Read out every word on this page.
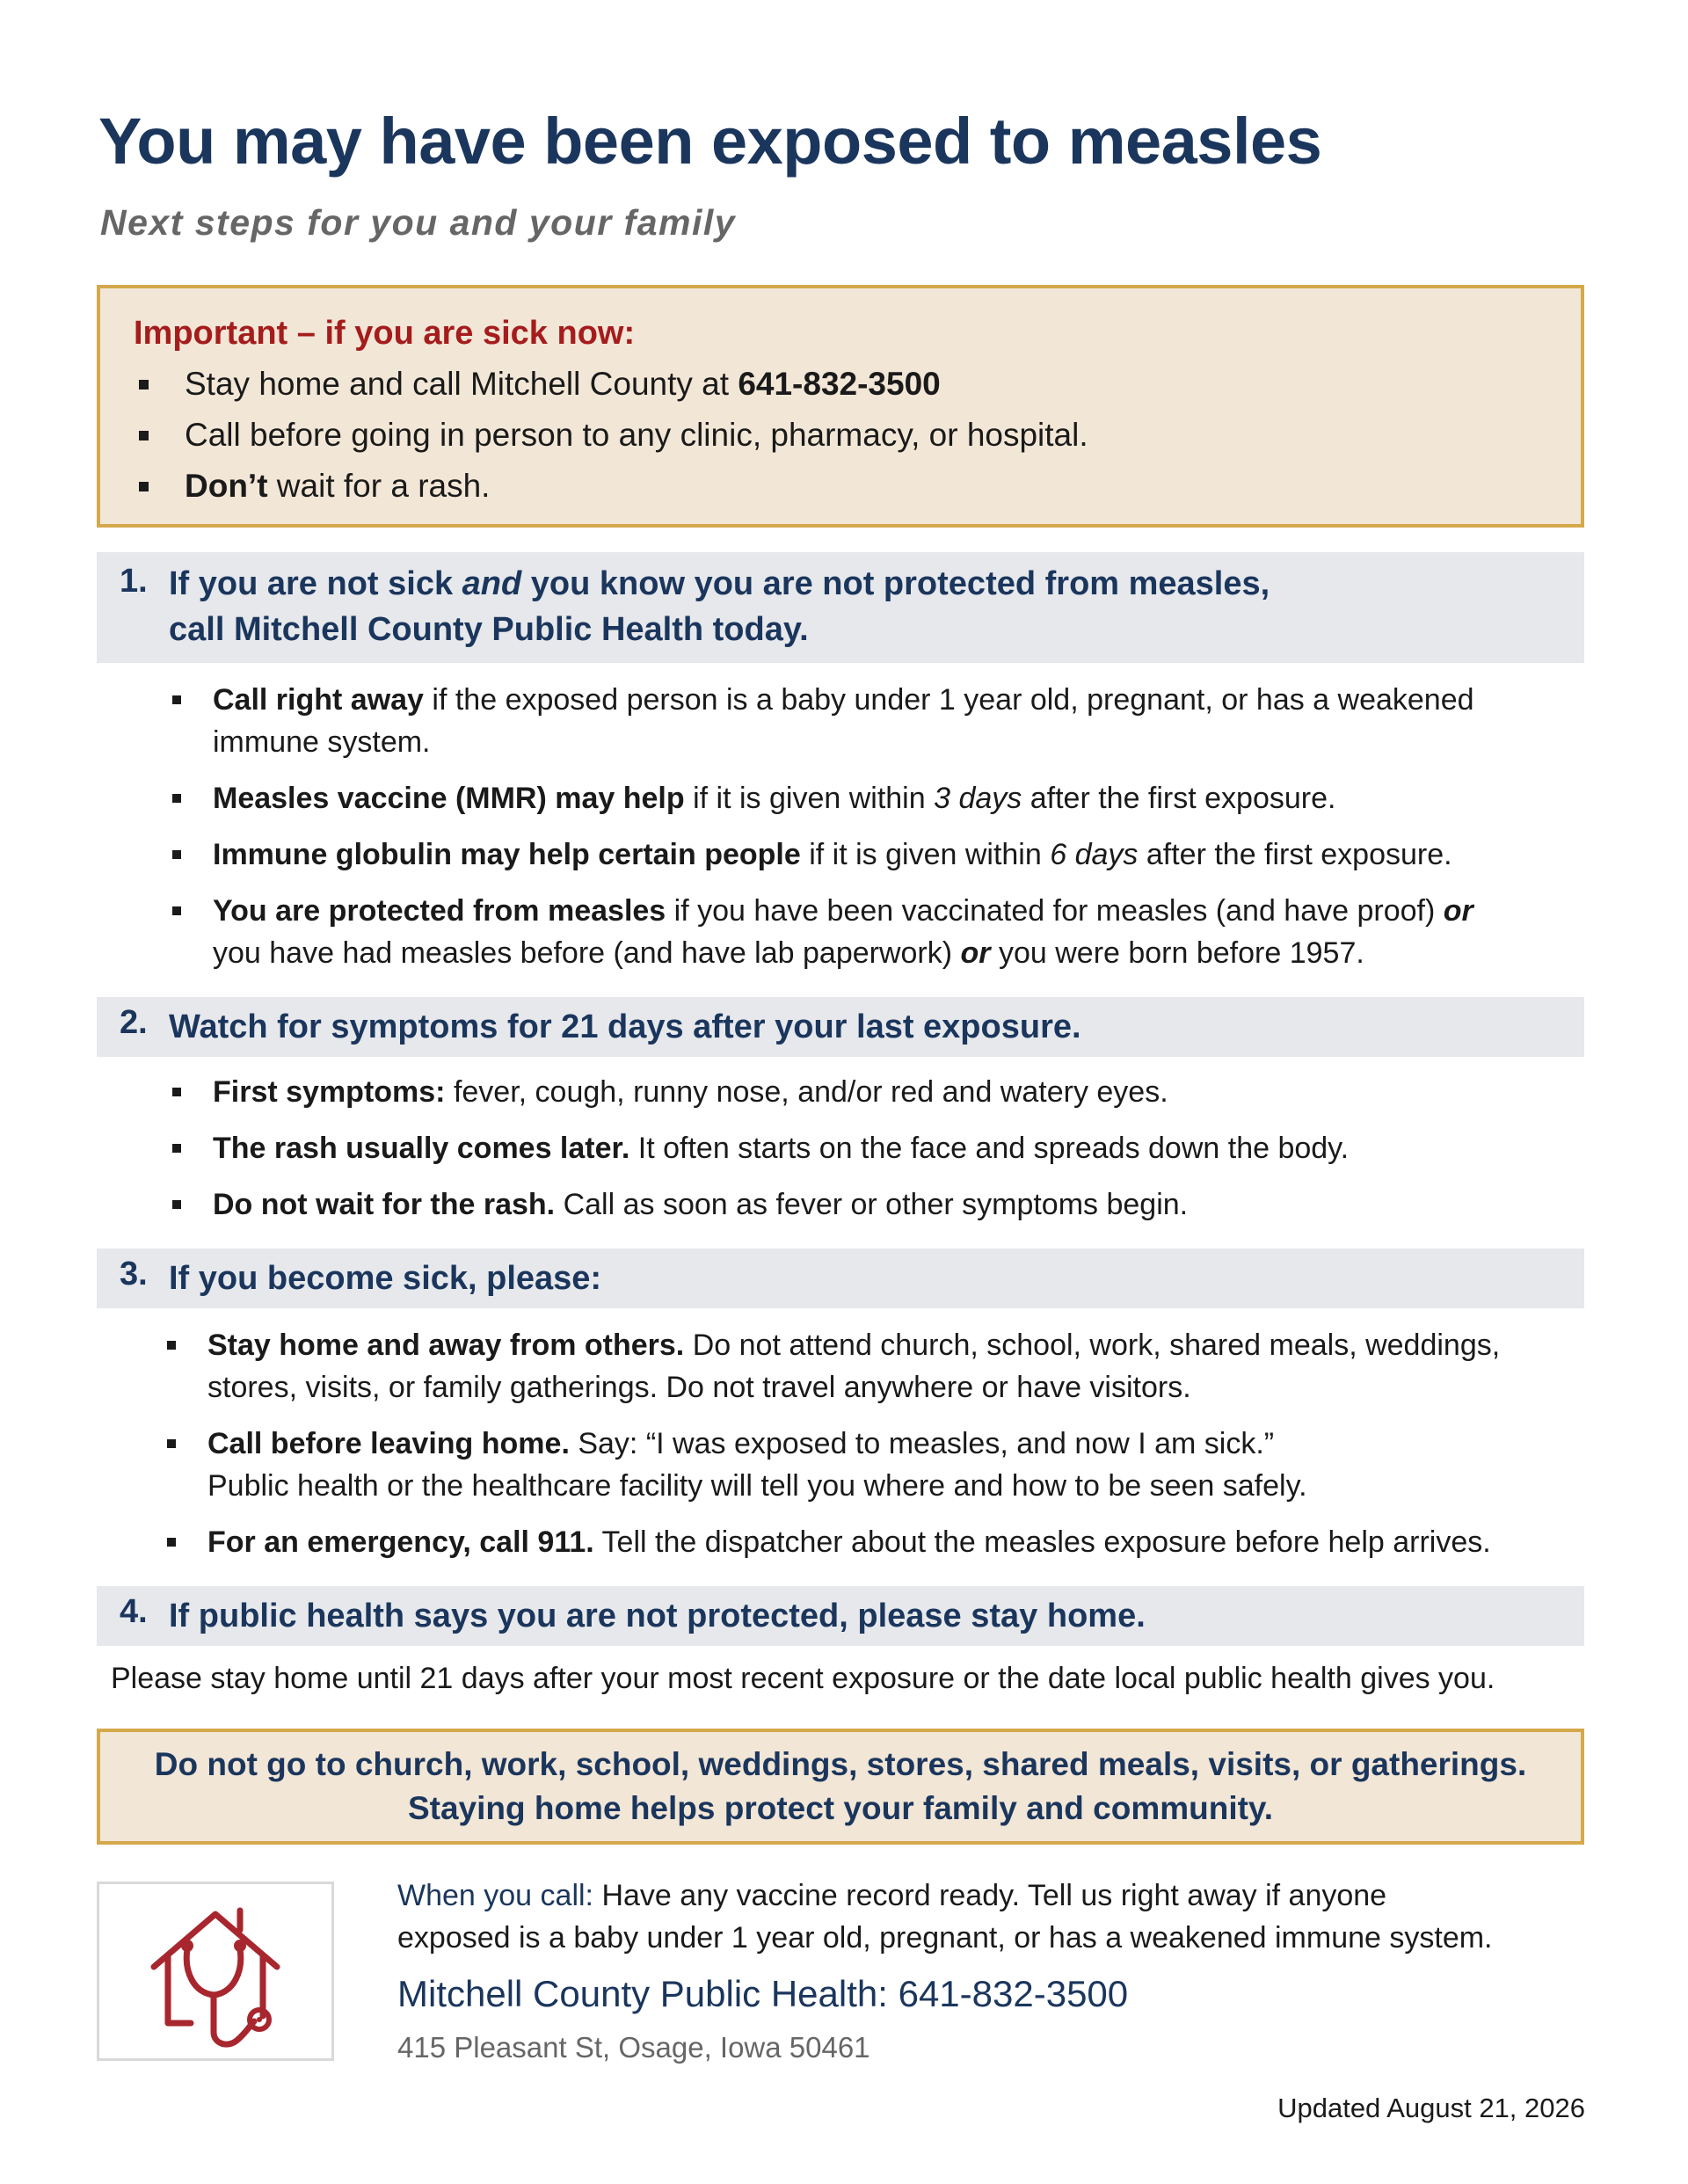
You may have been exposed to measles
Next steps for you and your family
Important – if you are sick now:
Stay home and call Mitchell County at 641-832-3500
Call before going in person to any clinic, pharmacy, or hospital.
Don’t wait for a rash.
1. If you are not sick and you know you are not protected from measles,
call Mitchell County Public Health today.
Call right away if the exposed person is a baby under 1 year old, pregnant, or has a weakened
immune system.
Measles vaccine (MMR) may help if it is given within 3 days after the first exposure.
Immune globulin may help certain people if it is given within 6 days after the first exposure.
You are protected from measles if you have been vaccinated for measles (and have proof) or
you have had measles before (and have lab paperwork) or you were born before 1957.
2. Watch for symptoms for 21 days after your last exposure.
First symptoms: fever, cough, runny nose, and/or red and watery eyes.
The rash usually comes later. It often starts on the face and spreads down the body.
Do not wait for the rash. Call as soon as fever or other symptoms begin.
3. If you become sick, please:
Stay home and away from others. Do not attend church, school, work, shared meals, weddings,
stores, visits, or family gatherings. Do not travel anywhere or have visitors.
Call before leaving home. Say: “I was exposed to measles, and now I am sick.”
Public health or the healthcare facility will tell you where and how to be seen safely.
For an emergency, call 911. Tell the dispatcher about the measles exposure before help arrives.
4. If public health says you are not protected, please stay home.
Please stay home until 21 days after your most recent exposure or the date local public health gives you.
Do not go to church, work, school, weddings, stores, shared meals, visits, or gatherings.
Staying home helps protect your family and community.
When you call: Have any vaccine record ready. Tell us right away if anyone
exposed is a baby under 1 year old, pregnant, or has a weakened immune system.
Mitchell County Public Health: 641-832-3500
415 Pleasant St, Osage, Iowa 50461
Updated August 21, 2026
